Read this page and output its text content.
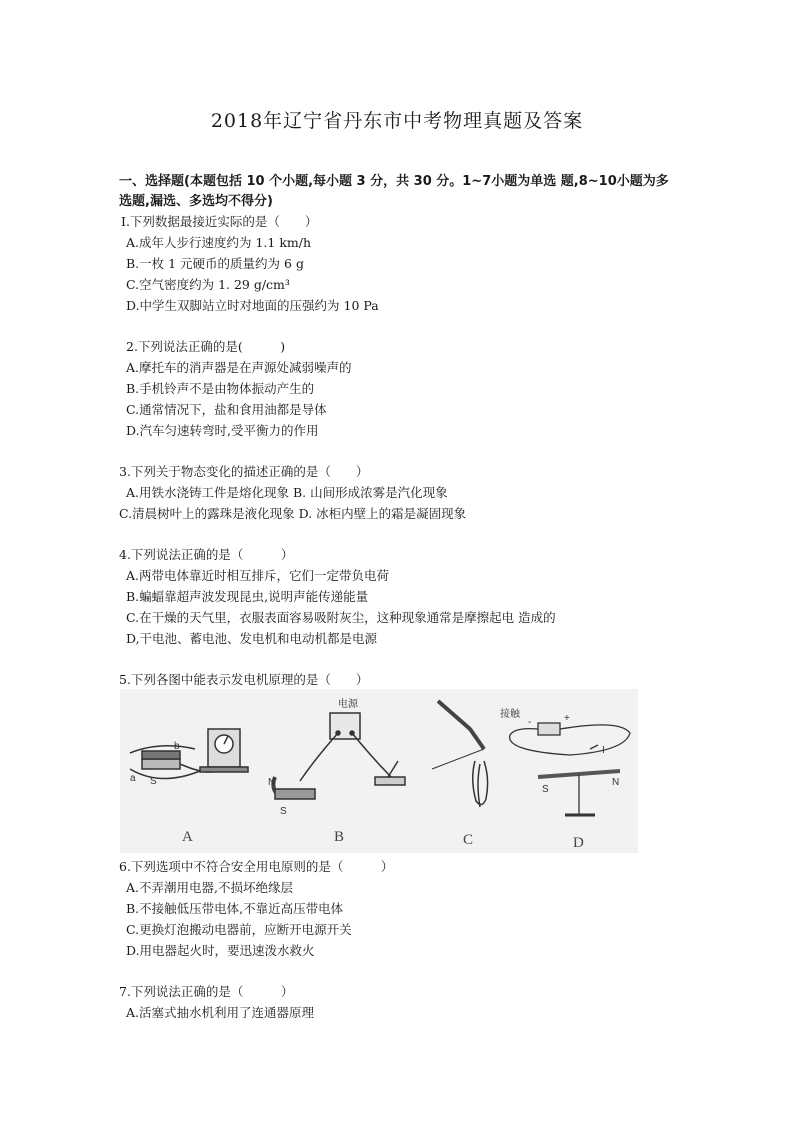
2018年辽宁省丹东市中考物理真题及答案
一、选择题(本题包括 10 个小题,每小题 3 分，共 30 分。1~7小题为单选 题,8~10小题为多选题,漏选、多选均不得分)
I.下列数据最接近实际的是（　　）
A.成年人步行速度约为 1.1 km/h
B.一枚 1 元硬币的质量约为 6 g
C.空气密度约为 1. 29 g/cm³
D.中学生双脚站立时对地面的压强约为 10 Pa
2.下列说法正确的是(　　　)
A.摩托车的消声器是在声源处减弱噪声的
B.手机铃声不是由物体振动产生的
C.通常情况下，盐和食用油都是导体
D.汽车匀速转弯时,受平衡力的作用
3.下列关于物态变化的描述正确的是（　　）
A.用铁水浇铸工件是熔化现象 B. 山间形成浓雾是汽化现象
C.清晨树叶上的露珠是液化现象 D. 冰柜内壁上的霜是凝固现象
4.下列说法正确的是（　　　）
A.两带电体靠近时相互排斥，它们一定带负电荷
B.蝙蝠靠超声波发现昆虫,说明声能传递能量
C.在干燥的天气里，衣服表面容易吸附灰尘，这种现象通常是摩擦起电 造成的
D,干电池、蓄电池、发电机和电动机都是电源
5.下列各图中能表示发电机原理的是（　　）
a
b
S
A
电源
N
S
B	C
接触	+
-
I
S
N
D
6.下列选项中不符合安全用电原则的是（　　　）
A.不弄潮用电器,不损坏绝缘层
B.不接触低压带电体,不靠近高压带电体
C.更换灯泡搬动电器前，应断开电源开关
D.用电器起火时，要迅速泼水救火
7.下列说法正确的是（　　　）
A.活塞式抽水机利用了连通器原理
